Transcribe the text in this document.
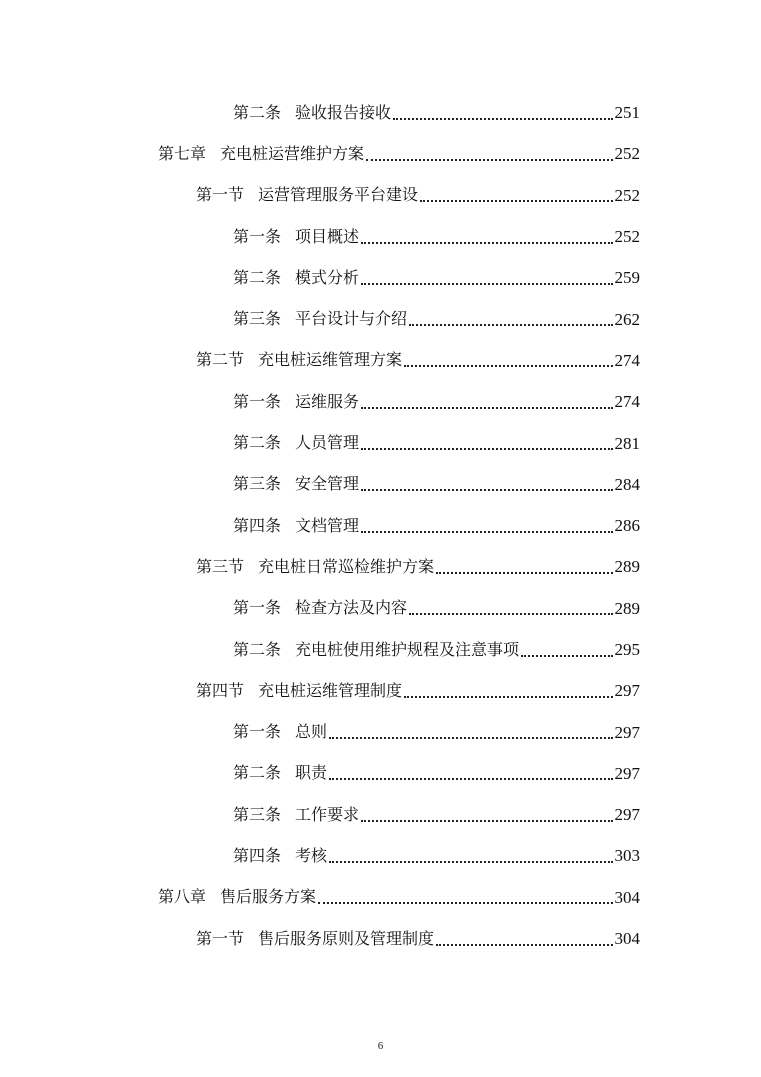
第二条 验收报告接收	251
第七章 充电桩运营维护方案	252
第一节 运营管理服务平台建设	252
第一条 项目概述	252
第二条 模式分析	259
第三条 平台设计与介绍	262
第二节 充电桩运维管理方案	274
第一条 运维服务	274
第二条 人员管理	281
第三条 安全管理	284
第四条 文档管理	286
第三节 充电桩日常巡检维护方案	289
第一条 检查方法及内容	289
第二条 充电桩使用维护规程及注意事项	295
第四节 充电桩运维管理制度	297
第一条 总则	297
第二条 职责	297
第三条 工作要求	297
第四条 考核	303
第八章 售后服务方案	304
第一节 售后服务原则及管理制度	304
6
